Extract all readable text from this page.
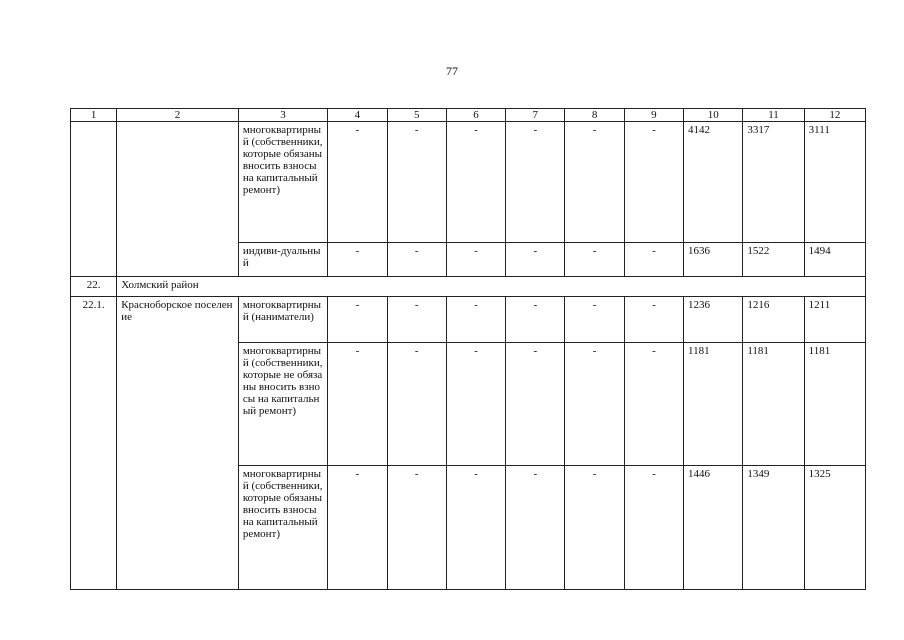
77
1	2	3	4	5	6	7	8	9	10	11	12
		многоквартирный (собственники, которые обязаны вносить взносы на капитальный ремонт)	-	-	-	-	-	-	4142	3317	3111
		индиви-дуальный	-	-	-	-	-	-	1636	1522	1494
22.	Холмский район										
22.1.	Красноборское поселение	многоквартирный (наниматели)	-	-	-	-	-	-	1236	1216	1211
		многоквартирный (собственники, которые не обязаны вносить взносы на капитальный ремонт)	-	-	-	-	-	-	1181	1181	1181
		многоквартирный (собственники, которые обязаны вносить взносы на капитальный ремонт)	-	-	-	-	-	-	1446	1349	1325
